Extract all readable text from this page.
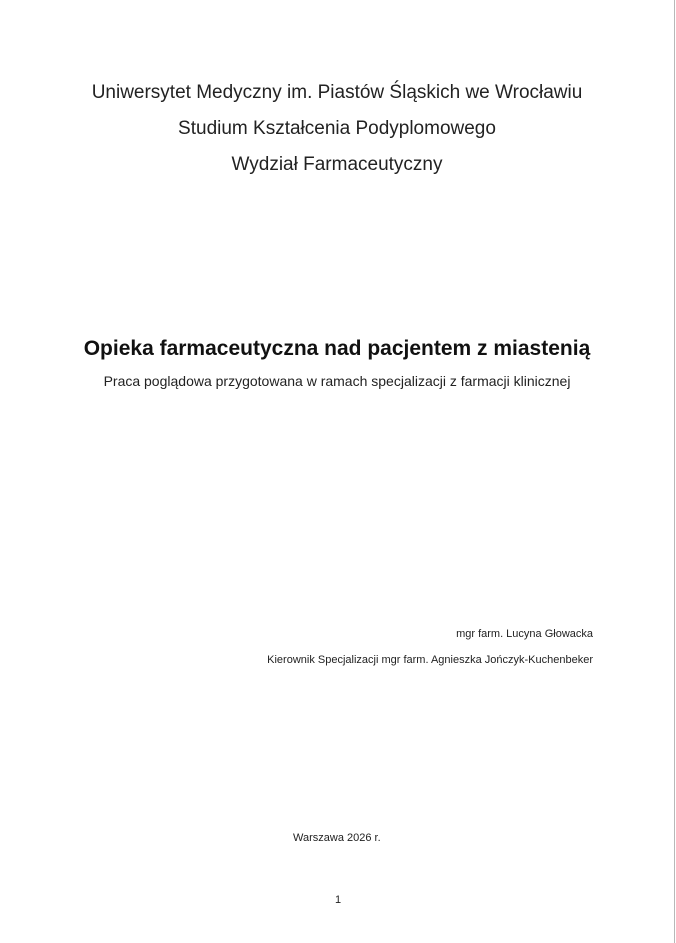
Uniwersytet Medyczny im. Piastów Śląskich we Wrocławiu
Studium Kształcenia Podyplomowego
Wydział Farmaceutyczny
Opieka farmaceutyczna nad pacjentem z miastenią
Praca poglądowa przygotowana w ramach specjalizacji z farmacji klinicznej
mgr farm. Lucyna Głowacka
Kierownik Specjalizacji mgr farm. Agnieszka Jończyk-Kuchenbeker
Warszawa 2026 r.
1
